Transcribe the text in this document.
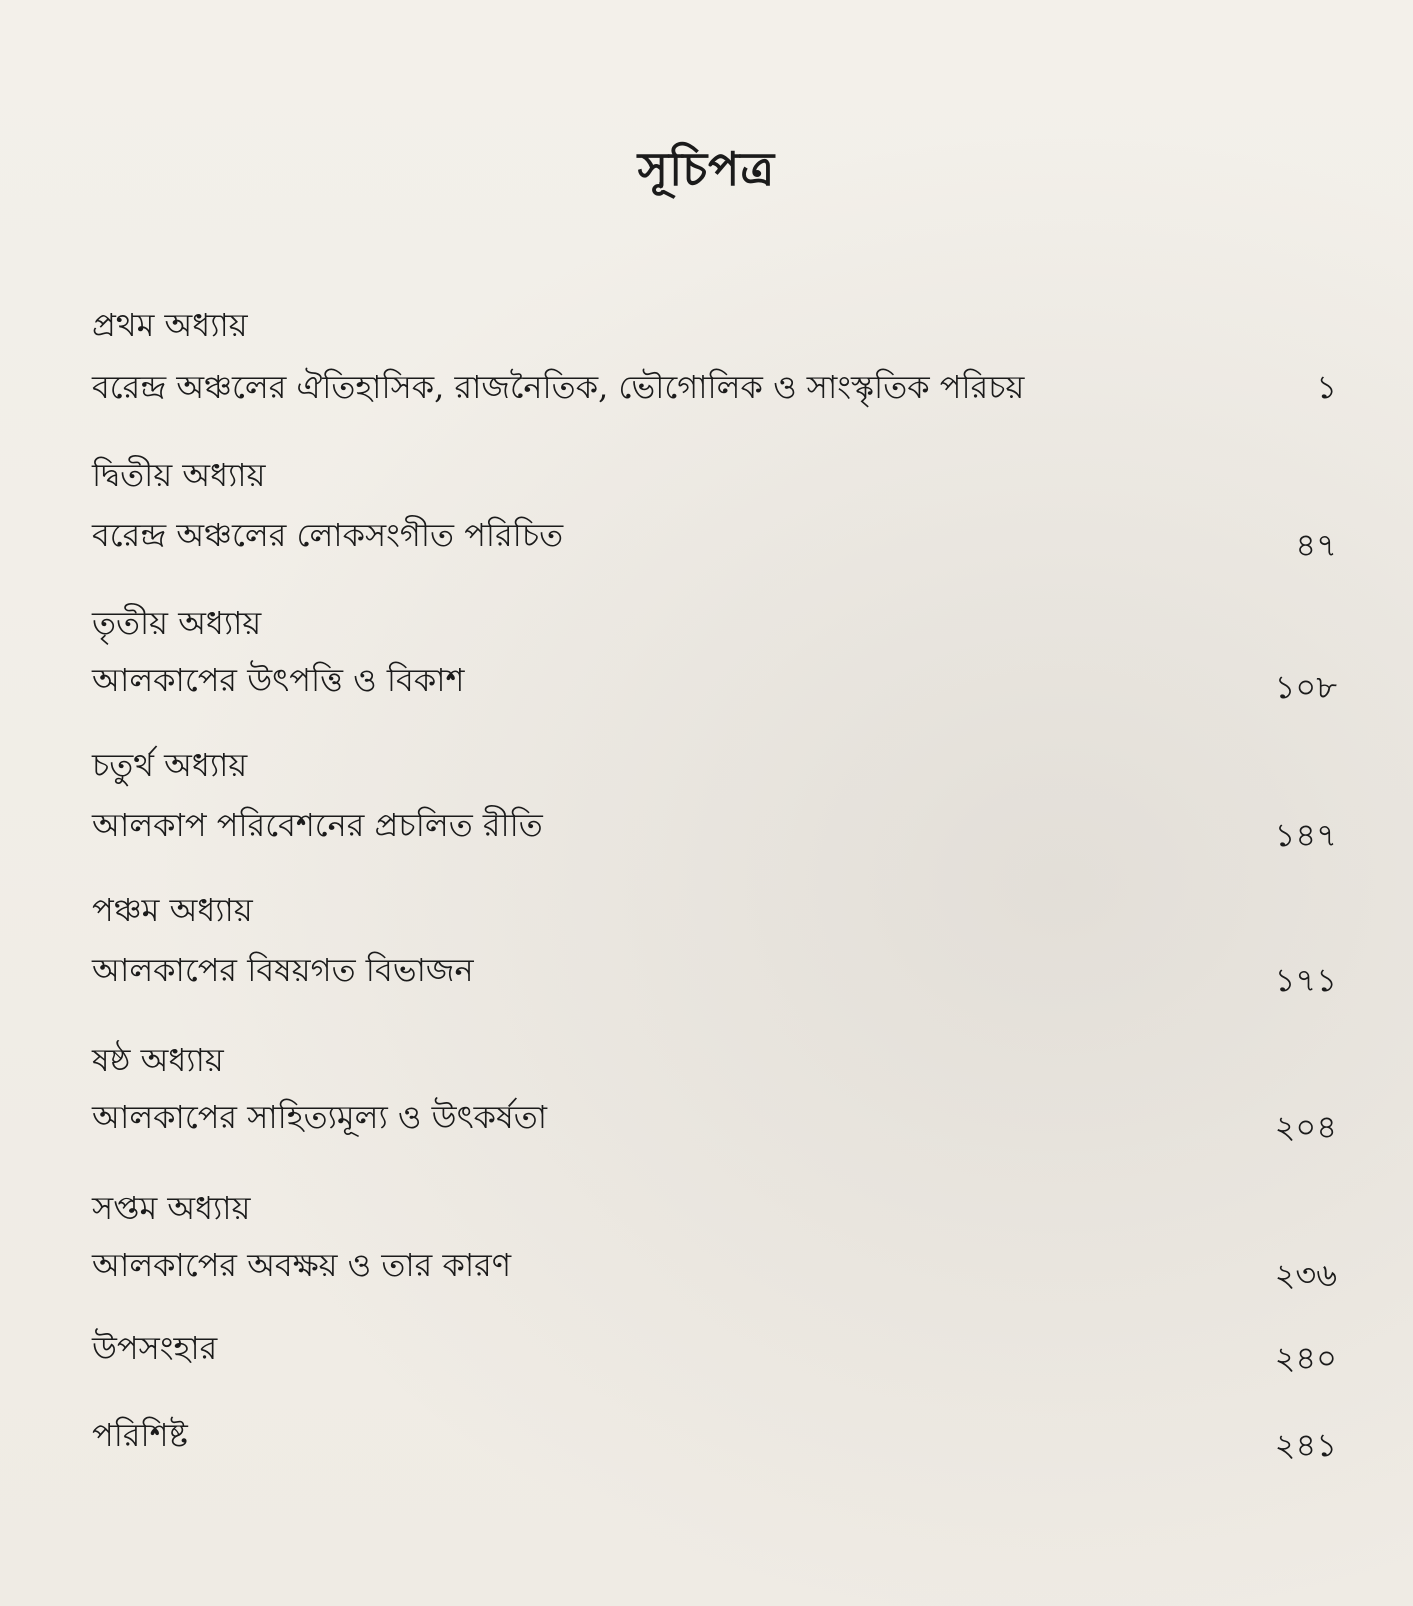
সূচিপত্র
প্রথম অধ্যায়
বরেন্দ্র অঞ্চলের ঐতিহাসিক, রাজনৈতিক, ভৌগোলিক ও সাংস্কৃতিক পরিচয়	১
দ্বিতীয় অধ্যায়
বরেন্দ্র অঞ্চলের লোকসংগীত পরিচিত	৪৭
তৃতীয় অধ্যায়
আলকাপের উৎপত্তি ও বিকাশ	১০৮
চতুর্থ অধ্যায়
আলকাপ পরিবেশনের প্রচলিত রীতি	১৪৭
পঞ্চম অধ্যায়
আলকাপের বিষয়গত বিভাজন	১৭১
ষষ্ঠ অধ্যায়
আলকাপের সাহিত্যমূল্য ও উৎকর্ষতা	২০৪
সপ্তম অধ্যায়
আলকাপের অবক্ষয় ও তার কারণ	২৩৬
উপসংহার	২৪০
পরিশিষ্ট	২৪১
